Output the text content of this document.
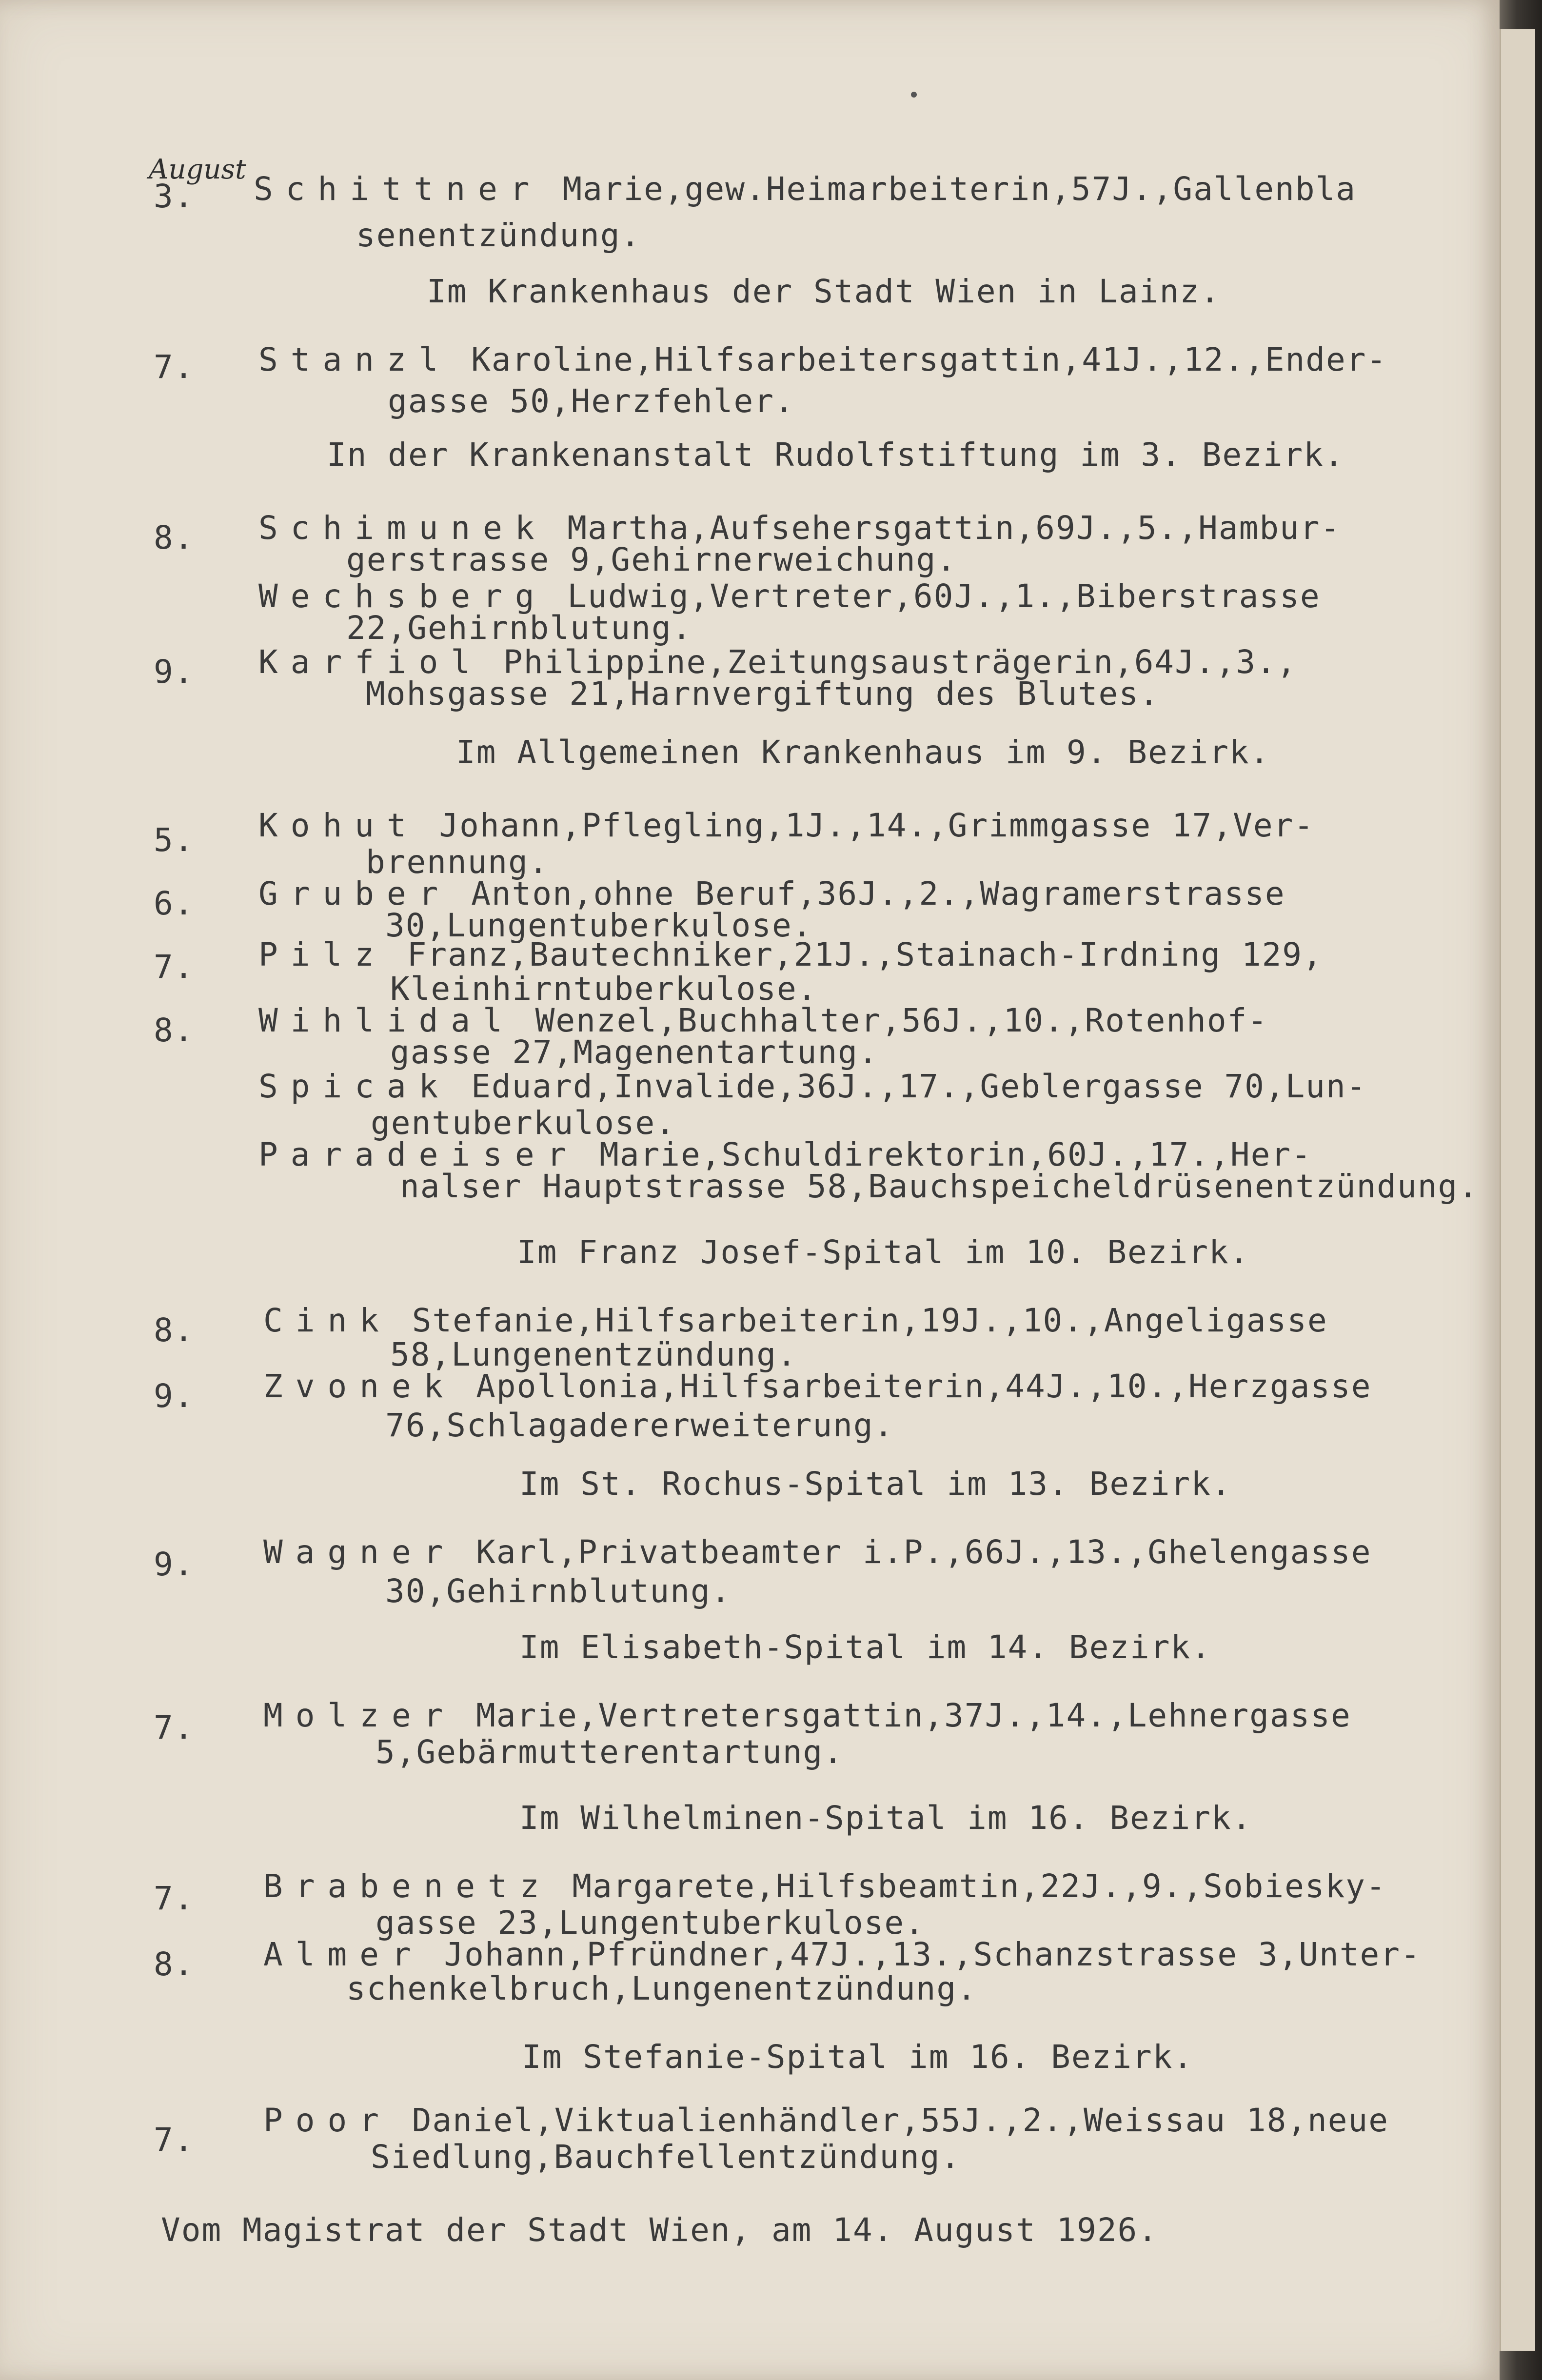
August
3. Schittner Marie,gew.Heimarbeiterin,57J.,Gallenbla
senentzündung.
Im Krankenhaus der Stadt Wien in Lainz.
7. Stanzl Karoline,Hilfsarbeitersgattin,41J.,12.,Ender-
gasse 50,Herzfehler.
In der Krankenanstalt Rudolfstiftung im 3. Bezirk.
8. Schimunek Martha,Aufsehersgattin,69J.,5.,Hambur-
gerstrasse 9,Gehirnerweichung.
Wechsberg Ludwig,Vertreter,60J.,1.,Biberstrasse
22,Gehirnblutung.
9. Karfiol Philippine,Zeitungsausträgerin,64J.,3.,
Mohsgasse 21,Harnvergiftung des Blutes.
Im Allgemeinen Krankenhaus im 9. Bezirk.
5. Kohut Johann,Pflegling,1J.,14.,Grimmgasse 17,Ver-
brennung.
6. Gruber Anton,ohne Beruf,36J.,2.,Wagramerstrasse
30,Lungentuberkulose.
7. Pilz Franz,Bautechniker,21J.,Stainach-Irdning 129,
Kleinhirntuberkulose.
8. Wihlidal Wenzel,Buchhalter,56J.,10.,Rotenhof-
gasse 27,Magenentartung.
Spicak Eduard,Invalide,36J.,17.,Geblergasse 70,Lun-
gentuberkulose.
Paradeiser Marie,Schuldirektorin,60J.,17.,Her-
nalser Hauptstrasse 58,Bauchspeicheldrüsenentzündung.
Im Franz Josef-Spital im 10. Bezirk.
8. Cink Stefanie,Hilfsarbeiterin,19J.,10.,Angeligasse
58,Lungenentzündung.
9. Zvonek Apollonia,Hilfsarbeiterin,44J.,10.,Herzgasse
76,Schlagadererweiterung.
Im St. Rochus-Spital im 13. Bezirk.
9. Wagner Karl,Privatbeamter i.P.,66J.,13.,Ghelengasse
30,Gehirnblutung.
Im Elisabeth-Spital im 14. Bezirk.
7. Molzer Marie,Vertretersgattin,37J.,14.,Lehnergasse
5,Gebärmutterentartung.
Im Wilhelminen-Spital im 16. Bezirk.
7. Brabenetz Margarete,Hilfsbeamtin,22J.,9.,Sobiesky-
gasse 23,Lungentuberkulose.
8. Almer Johann,Pfründner,47J.,13.,Schanzstrasse 3,Unter-
schenkelbruch,Lungenentzündung.
Im Stefanie-Spital im 16. Bezirk.
7.
Poor Daniel,Viktualienhändler,55J.,2.,Weissau 18,neue
Siedlung,Bauchfellentzündung.
Vom Magistrat der Stadt Wien, am 14. August 1926.
